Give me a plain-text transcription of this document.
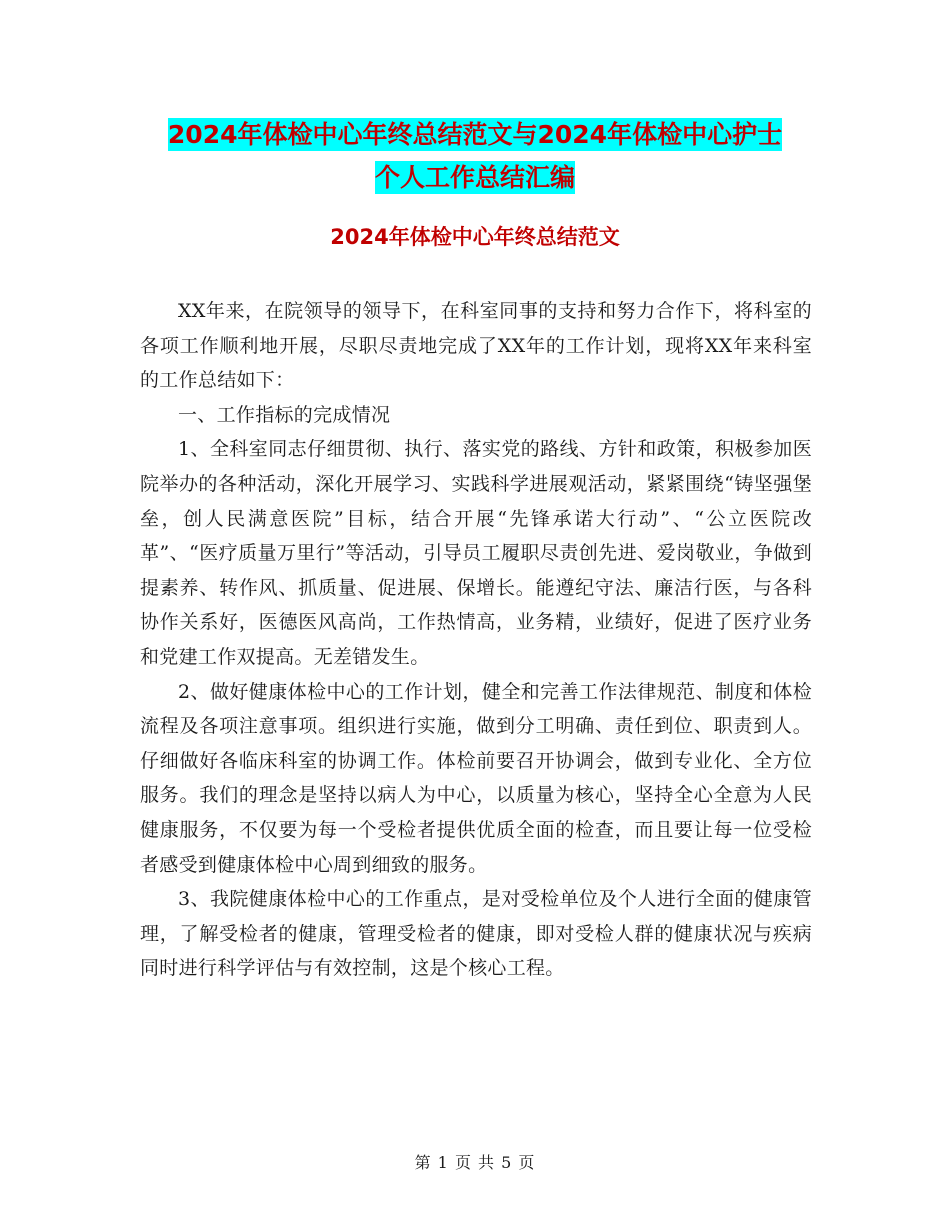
2024年体检中心年终总结范文与2024年体检中心护士
个人工作总结汇编
2024年体检中心年终总结范文

XX年来，在院领导的领导下，在科室同事的支持和努力合作下，将科室的各项工作顺利地开展，尽职尽责地完成了XX年的工作计划，现将XX年来科室的工作总结如下：

一、工作指标的完成情况

1、全科室同志仔细贯彻、执行、落实党的路线、方针和政策，积极参加医院举办的各种活动，深化开展学习、实践科学进展观活动，紧紧围绕“铸坚强堡垒，创人民满意医院”目标，结合开展“先锋承诺大行动”、“公立医院改革”、“医疗质量万里行”等活动，引导员工履职尽责创先进、爱岗敬业，争做到提素养、转作风、抓质量、促进展、保增长。能遵纪守法、廉洁行医，与各科协作关系好，医德医风高尚，工作热情高，业务精，业绩好，促进了医疗业务和党建工作双提高。无差错发生。

2、做好健康体检中心的工作计划，健全和完善工作法律规范、制度和体检流程及各项注意事项。组织进行实施，做到分工明确、责任到位、职责到人。仔细做好各临床科室的协调工作。体检前要召开协调会，做到专业化、全方位服务。我们的理念是坚持以病人为中心，以质量为核心，坚持全心全意为人民健康服务，不仅要为每一个受检者提供优质全面的检查，而且要让每一位受检者感受到健康体检中心周到细致的服务。

3、我院健康体检中心的工作重点，是对受检单位及个人进行全面的健康管理，了解受检者的健康，管理受检者的健康，即对受检人群的健康状况与疾病同时进行科学评估与有效控制，这是个核心工程。

第 1 页 共 5 页
